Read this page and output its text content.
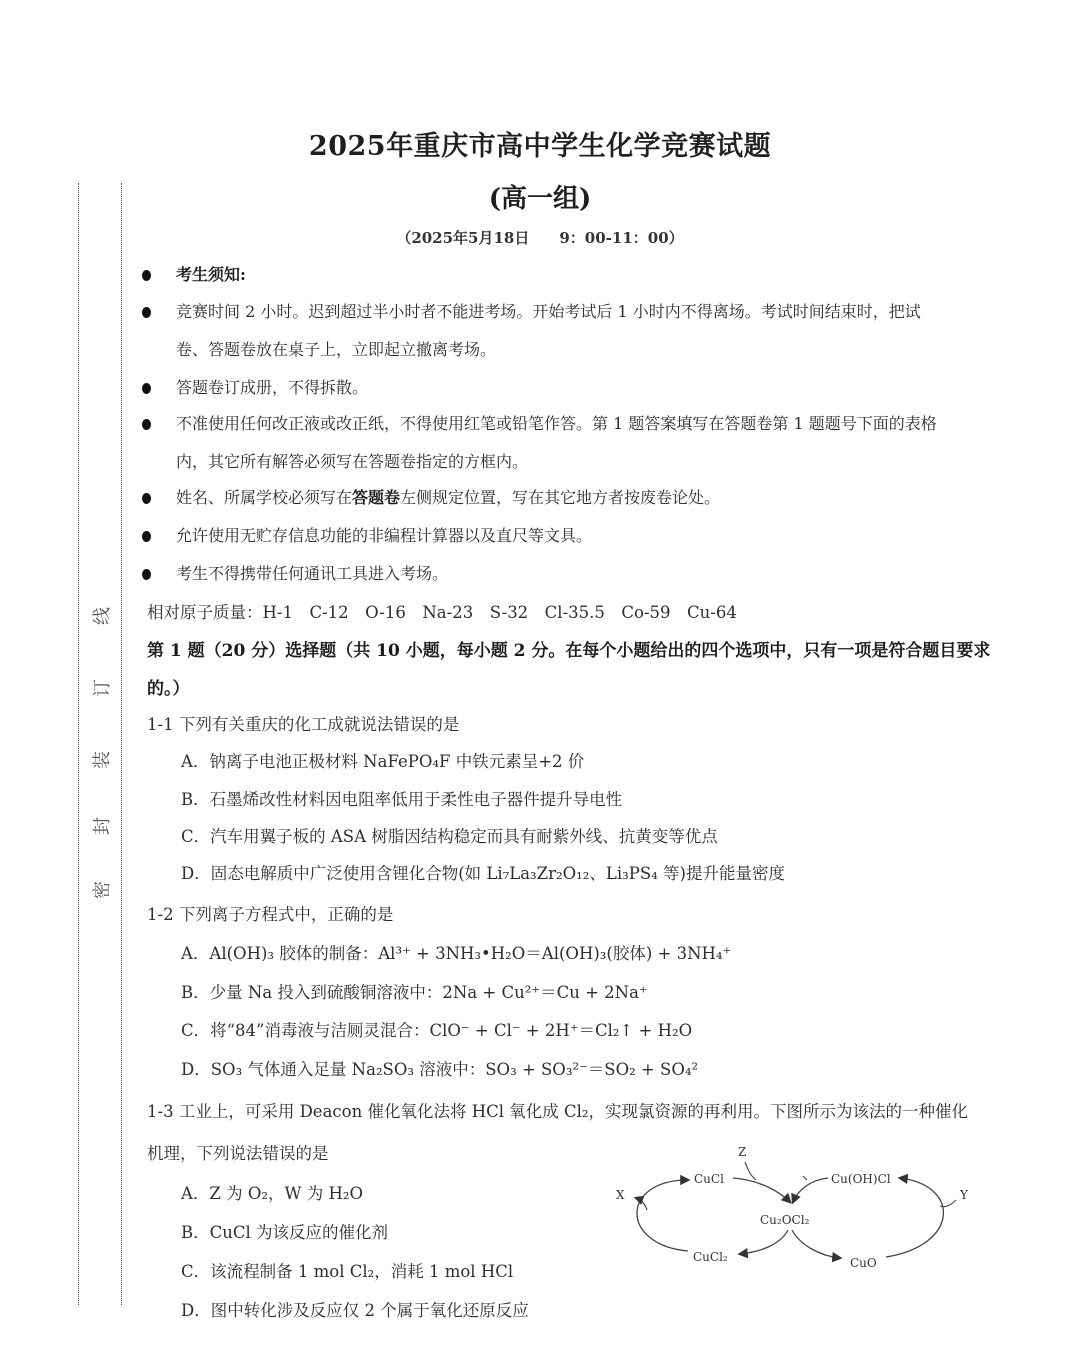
线
订
装
封
密
2025年重庆市高中学生化学竞赛试题
(高一组)
（2025年5月18日　　9：00-11：00）
考生须知:
竞赛时间 2 小时。迟到超过半小时者不能进考场。开始考试后 1 小时内不得离场。考试时间结束时，把试
卷、答题卷放在桌子上，立即起立撤离考场。
答题卷订成册，不得拆散。
不准使用任何改正液或改正纸，不得使用红笔或铅笔作答。第 1 题答案填写在答题卷第 1 题题号下面的表格
内，其它所有解答必须写在答题卷指定的方框内。
姓名、所属学校必须写在答题卷左侧规定位置，写在其它地方者按废卷论处。
允许使用无贮存信息功能的非编程计算器以及直尺等文具。
考生不得携带任何通讯工具进入考场。
相对原子质量：H-1　C-12　O-16　Na-23　S-32　Cl-35.5　Co-59　Cu-64
第 1 题（20 分）选择题（共 10 小题，每小题 2 分。在每个小题给出的四个选项中，只有一项是符合题目要求
的。）
1-1 下列有关重庆的化工成就说法错误的是
A．钠离子电池正极材料 NaFePO₄F 中铁元素呈+2 价
B．石墨烯改性材料因电阻率低用于柔性电子器件提升导电性
C．汽车用翼子板的 ASA 树脂因结构稳定而具有耐紫外线、抗黄变等优点
D．固态电解质中广泛使用含锂化合物(如 Li₇La₃Zr₂O₁₂、Li₃PS₄ 等)提升能量密度
1-2 下列离子方程式中，正确的是
A．Al(OH)₃ 胶体的制备：Al³⁺ + 3NH₃•H₂O＝Al(OH)₃(胶体) + 3NH₄⁺
B．少量 Na 投入到硫酸铜溶液中：2Na + Cu²⁺＝Cu + 2Na⁺
C．将“84”消毒液与洁厕灵混合：ClO⁻ + Cl⁻ + 2H⁺＝Cl₂↑ + H₂O
D．SO₃ 气体通入足量 Na₂SO₃ 溶液中：SO₃ + SO₃²⁻＝SO₂ + SO₄²
1-3 工业上，可采用 Deacon 催化氧化法将 HCl 氧化成 Cl₂，实现氯资源的再利用。下图所示为该法的一种催化
机理，下列说法错误的是
A．Z 为 O₂，W 为 H₂O
B．CuCl 为该反应的催化剂
C．该流程制备 1 mol Cl₂，消耗 1 mol HCl
D．图中转化涉及反应仅 2 个属于氧化还原反应
CuCl	Cu(OH)Cl
Cu₂OCl₂
CuCl₂	CuO
X	Y
Z
